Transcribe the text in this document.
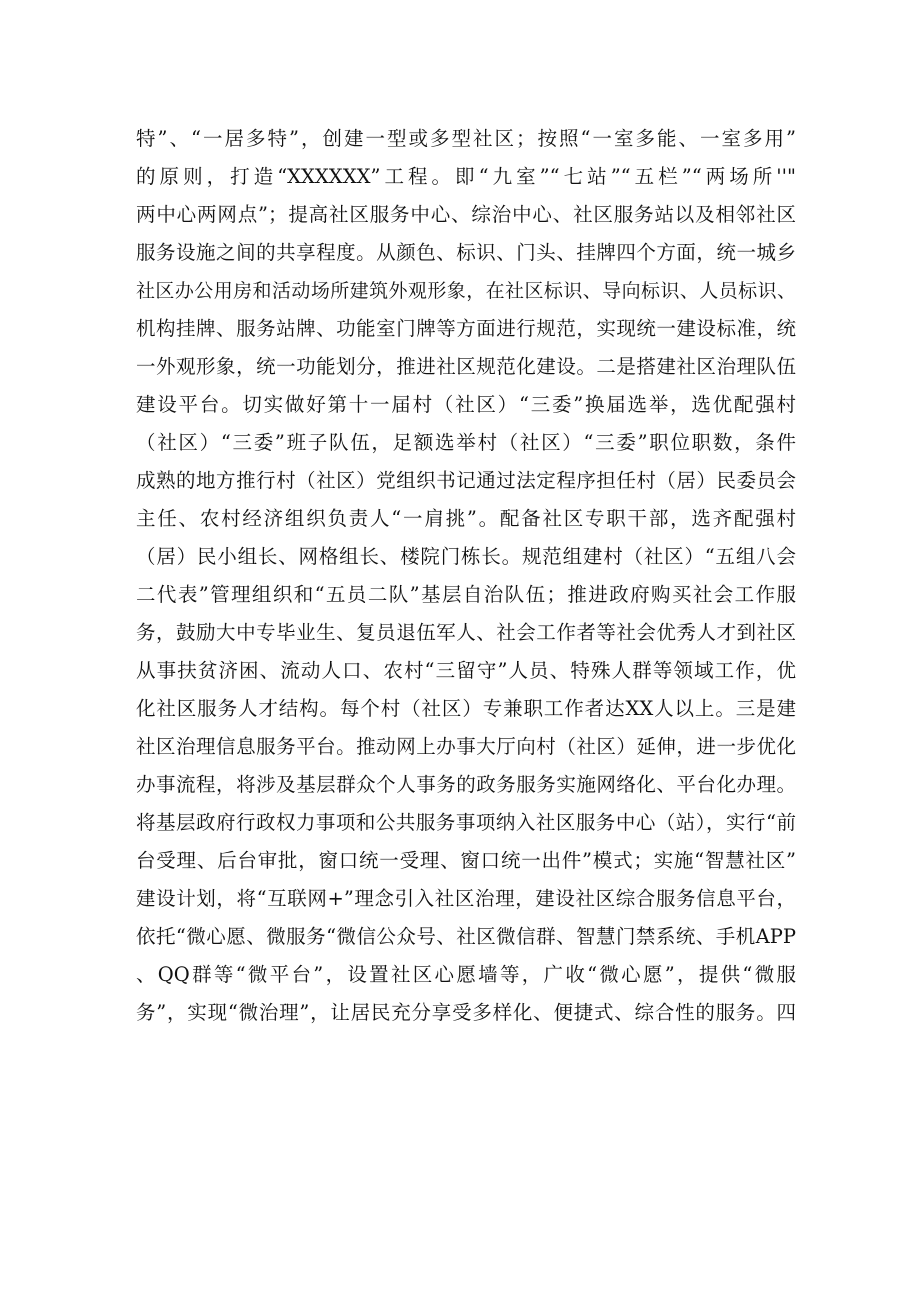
特”、“一居多特”，创建一型或多型社区；按照“一室多能、一室多用”
的原则，打造“XXXXXX”工程。即“九室”“七站”“五栏”“两场所''"
两中心两网点”；提高社区服务中心、综治中心、社区服务站以及相邻社区
服务设施之间的共享程度。从颜色、标识、门头、挂牌四个方面，统一城乡
社区办公用房和活动场所建筑外观形象，在社区标识、导向标识、人员标识、
机构挂牌、服务站牌、功能室门牌等方面进行规范，实现统一建设标准，统
一外观形象，统一功能划分，推进社区规范化建设。二是搭建社区治理队伍
建设平台。切实做好第十一届村（社区）“三委”换届选举，选优配强村
（社区）“三委”班子队伍，足额选举村（社区）“三委”职位职数，条件
成熟的地方推行村（社区）党组织书记通过法定程序担任村（居）民委员会
主任、农村经济组织负责人“一肩挑”。配备社区专职干部，选齐配强村
（居）民小组长、网格组长、楼院门栋长。规范组建村（社区）“五组八会
二代表”管理组织和“五员二队”基层自治队伍；推进政府购买社会工作服
务，鼓励大中专毕业生、复员退伍军人、社会工作者等社会优秀人才到社区
从事扶贫济困、流动人口、农村“三留守”人员、特殊人群等领域工作，优
化社区服务人才结构。每个村（社区）专兼职工作者达XX人以上。三是建
社区治理信息服务平台。推动网上办事大厅向村（社区）延伸，进一步优化
办事流程，将涉及基层群众个人事务的政务服务实施网络化、平台化办理。
将基层政府行政权力事项和公共服务事项纳入社区服务中心（站），实行“前
台受理、后台审批，窗口统一受理、窗口统一出件”模式；实施“智慧社区”
建设计划，将“互联网+”理念引入社区治理，建设社区综合服务信息平台，
依托“微心愿、微服务“微信公众号、社区微信群、智慧门禁系统、手机APP
、QQ群等“微平台”，设置社区心愿墙等，广收“微心愿”，提供“微服
务”，实现“微治理”，让居民充分享受多样化、便捷式、综合性的服务。四
